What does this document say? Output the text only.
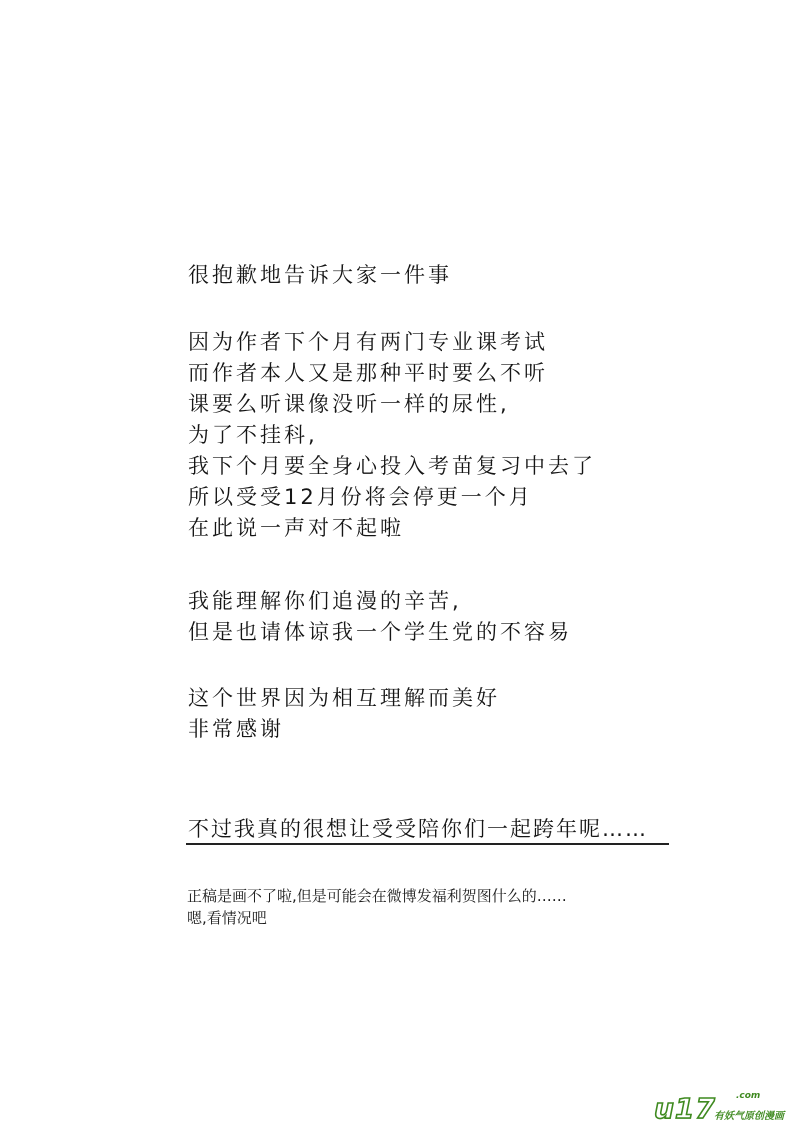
很抱歉地告诉大家一件事
因为作者下个月有两门专业课考试
而作者本人又是那种平时要么不听
课要么听课像没听一样的尿性,
为了不挂科,
我下个月要全身心投入考苗复习中去了
所以受受12月份将会停更一个月
在此说一声对不起啦
我能理解你们追漫的辛苦,
但是也请体谅我一个学生党的不容易
这个世界因为相互理解而美好
非常感谢
不过我真的很想让受受陪你们一起跨年呢……
正稿是画不了啦,但是可能会在微博发福利贺图什么的……
嗯,看情况吧
u17 .com
有妖气原创漫画
